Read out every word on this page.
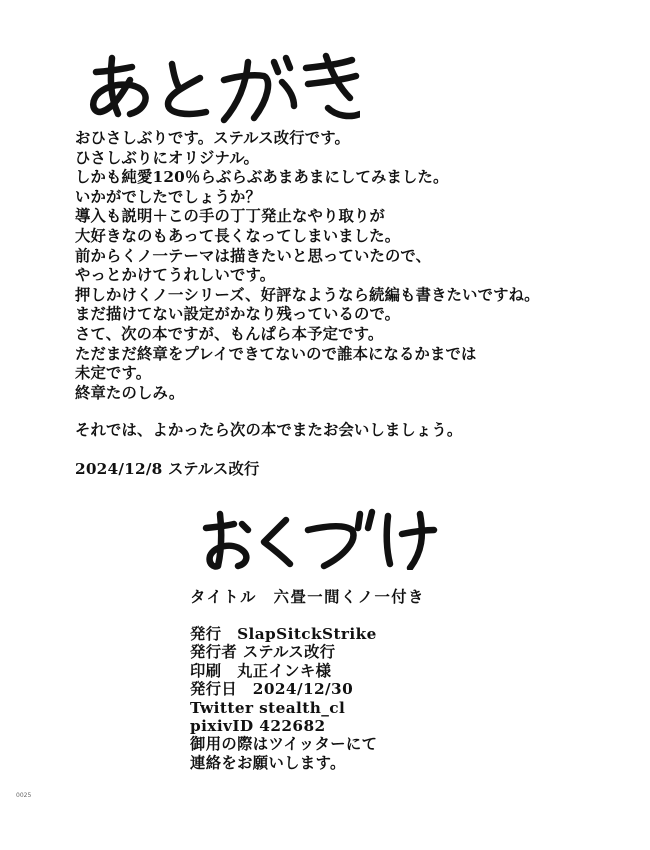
おひさしぶりです。ステルス改行です。
ひさしぶりにオリジナル。
しかも純愛120％らぶらぶあまあまにしてみました。
いかがでしたでしょうか？
導入も説明＋この手の丁丁発止なやり取りが
大好きなのもあって長くなってしまいました。
前からくノ一テーマは描きたいと思っていたので、
やっとかけてうれしいです。
押しかけくノ一シリーズ、好評なようなら続編も書きたいですね。
まだ描けてない設定がかなり残っているので。
さて、次の本ですが、もんぱら本予定です。
ただまだ終章をプレイできてないので誰本になるかまでは
未定です。
終章たのしみ。
それでは、よかったら次の本でまたお会いしましょう。
2024/12/8 ステルス改行
タイトル　六畳一間くノ一付き
発行　SlapSitckStrike
発行者 ステルス改行
印刷　丸正インキ様
発行日　2024/12/30
Twitter stealth_cl
pixivID 422682
御用の際はツイッターにて
連絡をお願いします。
0025
